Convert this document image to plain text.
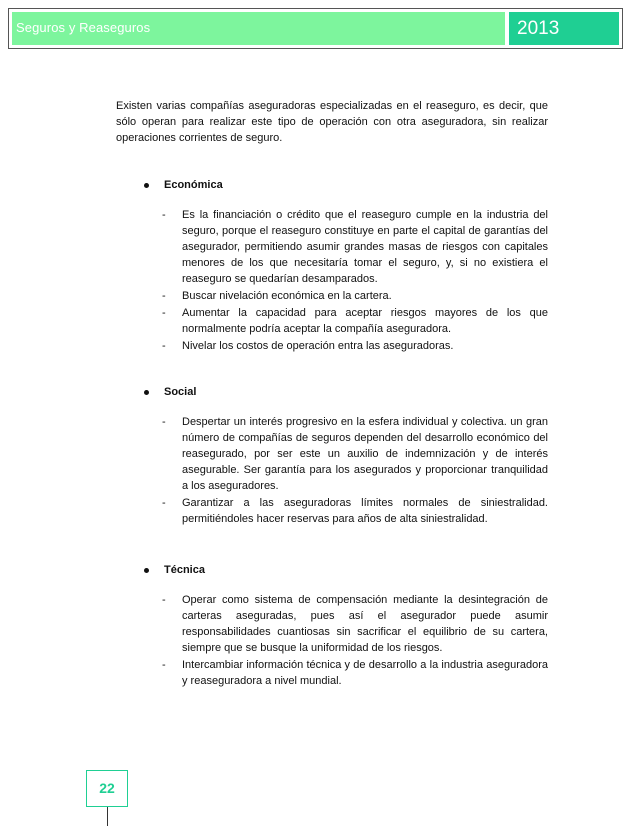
Seguros y Reaseguros	2013

Existen varias compañías aseguradoras especializadas en el reaseguro, es decir, que sólo operan para realizar este tipo de operación con otra aseguradora, sin realizar operaciones corrientes de seguro.

Económica
- Es la financiación o crédito que el reaseguro cumple en la industria del seguro, porque el reaseguro constituye en parte el capital de garantías del asegurador, permitiendo asumir grandes masas de riesgos con capitales menores de los que necesitaría tomar el seguro, y, si no existiera el reaseguro se quedarían desamparados.
- Buscar nivelación económica en la cartera.
- Aumentar la capacidad para aceptar riesgos mayores de los que normalmente podría aceptar la compañía aseguradora.
- Nivelar los costos de operación entra las aseguradoras.
Social
- Despertar un interés progresivo en la esfera individual y colectiva. un gran número de compañías de seguros dependen del desarrollo económico del reasegurado, por ser este un auxilio de indemnización y de interés asegurable. Ser garantía para los asegurados y proporcionar tranquilidad a los aseguradores.
- Garantizar a las aseguradoras límites normales de siniestralidad. permitiéndoles hacer reservas para años de alta siniestralidad.
Técnica
- Operar como sistema de compensación mediante la desintegración de carteras aseguradas, pues así el asegurador puede asumir responsabilidades cuantiosas sin sacrificar el equilibrio de su cartera, siempre que se busque la uniformidad de los riesgos.
- Intercambiar información técnica y de desarrollo a la industria aseguradora y reaseguradora a nivel mundial.
22
